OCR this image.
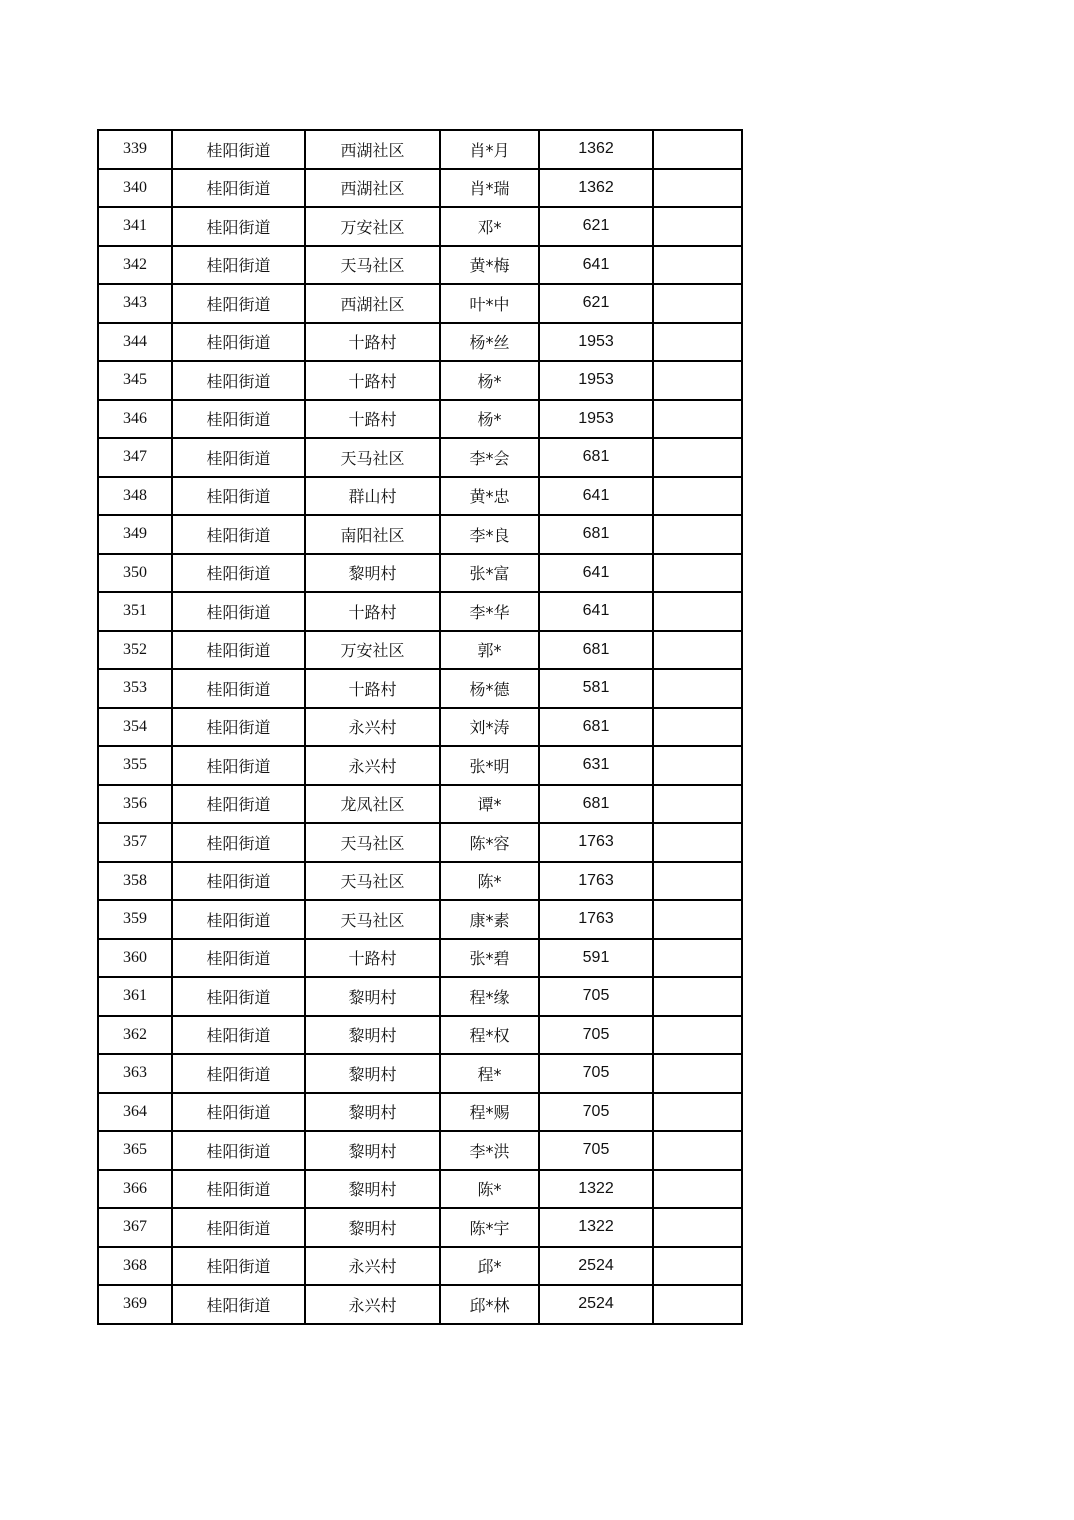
339	桂阳街道	西湖社区	肖*月	1362	
340	桂阳街道	西湖社区	肖*瑞	1362	
341	桂阳街道	万安社区	邓*	621	
342	桂阳街道	天马社区	黄*梅	641	
343	桂阳街道	西湖社区	叶*中	621	
344	桂阳街道	十路村	杨*丝	1953	
345	桂阳街道	十路村	杨*	1953	
346	桂阳街道	十路村	杨*	1953	
347	桂阳街道	天马社区	李*会	681	
348	桂阳街道	群山村	黄*忠	641	
349	桂阳街道	南阳社区	李*良	681	
350	桂阳街道	黎明村	张*富	641	
351	桂阳街道	十路村	李*华	641	
352	桂阳街道	万安社区	郭*	681	
353	桂阳街道	十路村	杨*德	581	
354	桂阳街道	永兴村	刘*涛	681	
355	桂阳街道	永兴村	张*明	631	
356	桂阳街道	龙凤社区	谭*	681	
357	桂阳街道	天马社区	陈*容	1763	
358	桂阳街道	天马社区	陈*	1763	
359	桂阳街道	天马社区	康*素	1763	
360	桂阳街道	十路村	张*碧	591	
361	桂阳街道	黎明村	程*缘	705	
362	桂阳街道	黎明村	程*权	705	
363	桂阳街道	黎明村	程*	705	
364	桂阳街道	黎明村	程*赐	705	
365	桂阳街道	黎明村	李*洪	705	
366	桂阳街道	黎明村	陈*	1322	
367	桂阳街道	黎明村	陈*宇	1322	
368	桂阳街道	永兴村	邱*	2524	
369	桂阳街道	永兴村	邱*林	2524	
